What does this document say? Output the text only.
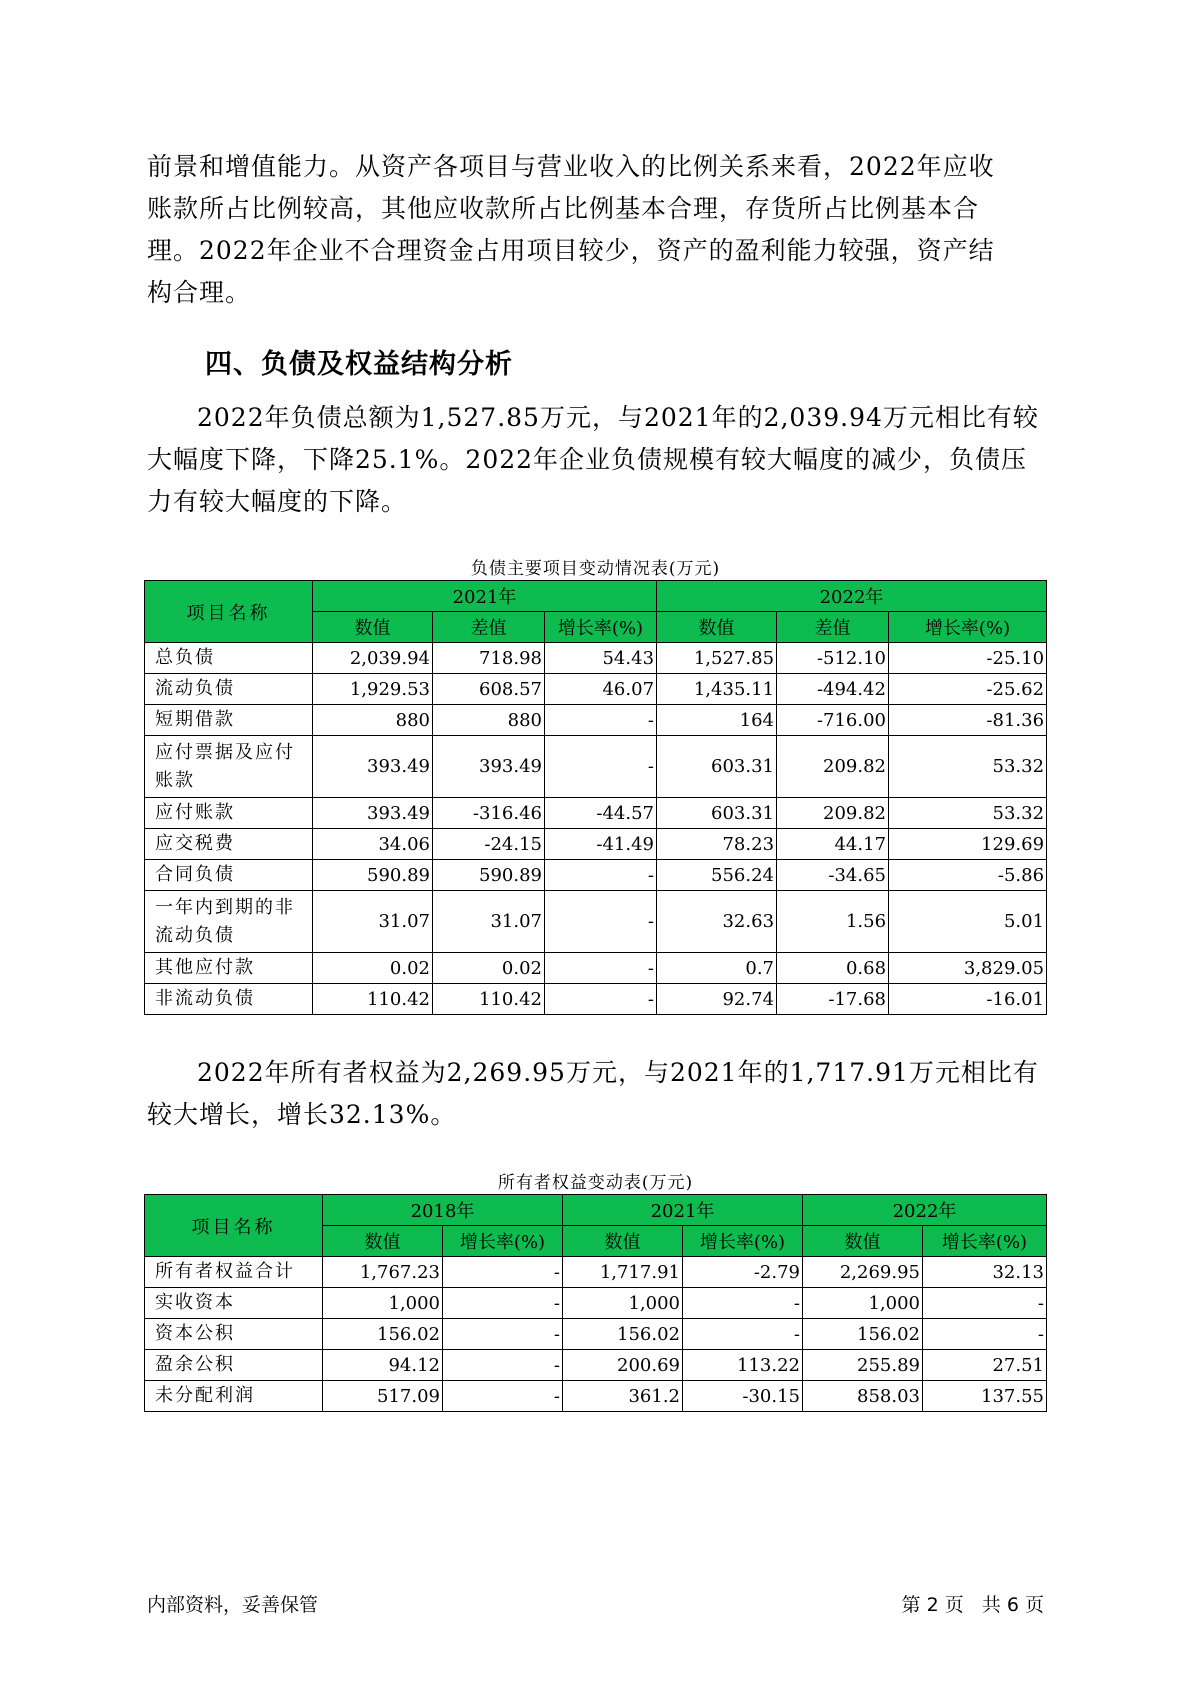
前景和增值能力。从资产各项目与营业收入的比例关系来看，2022年应收
账款所占比例较高，其他应收款所占比例基本合理，存货所占比例基本合
理。2022年企业不合理资金占用项目较少，资产的盈利能力较强，资产结
构合理。
四、负债及权益结构分析
2022年负债总额为1,527.85万元，与2021年的2,039.94万元相比有较
大幅度下降，下降25.1%。2022年企业负债规模有较大幅度的减少，负债压
力有较大幅度的下降。
负债主要项目变动情况表(万元)
项目名称	2021年			2022年		
	数值	差值	增长率(%)	数值	差值	增长率(%)
总负债	2,039.94	718.98	54.43	1,527.85	-512.10	-25.10
流动负债	1,929.53	608.57	46.07	1,435.11	-494.42	-25.62
短期借款	880	880	-	164	-716.00	-81.36
应付票据及应付账款	393.49	393.49	-	603.31	209.82	53.32
应付账款	393.49	-316.46	-44.57	603.31	209.82	53.32
应交税费	34.06	-24.15	-41.49	78.23	44.17	129.69
合同负债	590.89	590.89	-	556.24	-34.65	-5.86
一年内到期的非流动负债	31.07	31.07	-	32.63	1.56	5.01
其他应付款	0.02	0.02	-	0.7	0.68	3,829.05
非流动负债	110.42	110.42	-	92.74	-17.68	-16.01
2022年所有者权益为2,269.95万元，与2021年的1,717.91万元相比有
较大增长，增长32.13%。
所有者权益变动表(万元)
项目名称	2018年		2021年		2022年	
	数值	增长率(%)	数值	增长率(%)	数值	增长率(%)
所有者权益合计	1,767.23	-	1,717.91	-2.79	2,269.95	32.13
实收资本	1,000	-	1,000	-	1,000	-
资本公积	156.02	-	156.02	-	156.02	-
盈余公积	94.12	-	200.69	113.22	255.89	27.51
未分配利润	517.09	-	361.2	-30.15	858.03	137.55
内部资料，妥善保管	第 2 页   共 6 页
